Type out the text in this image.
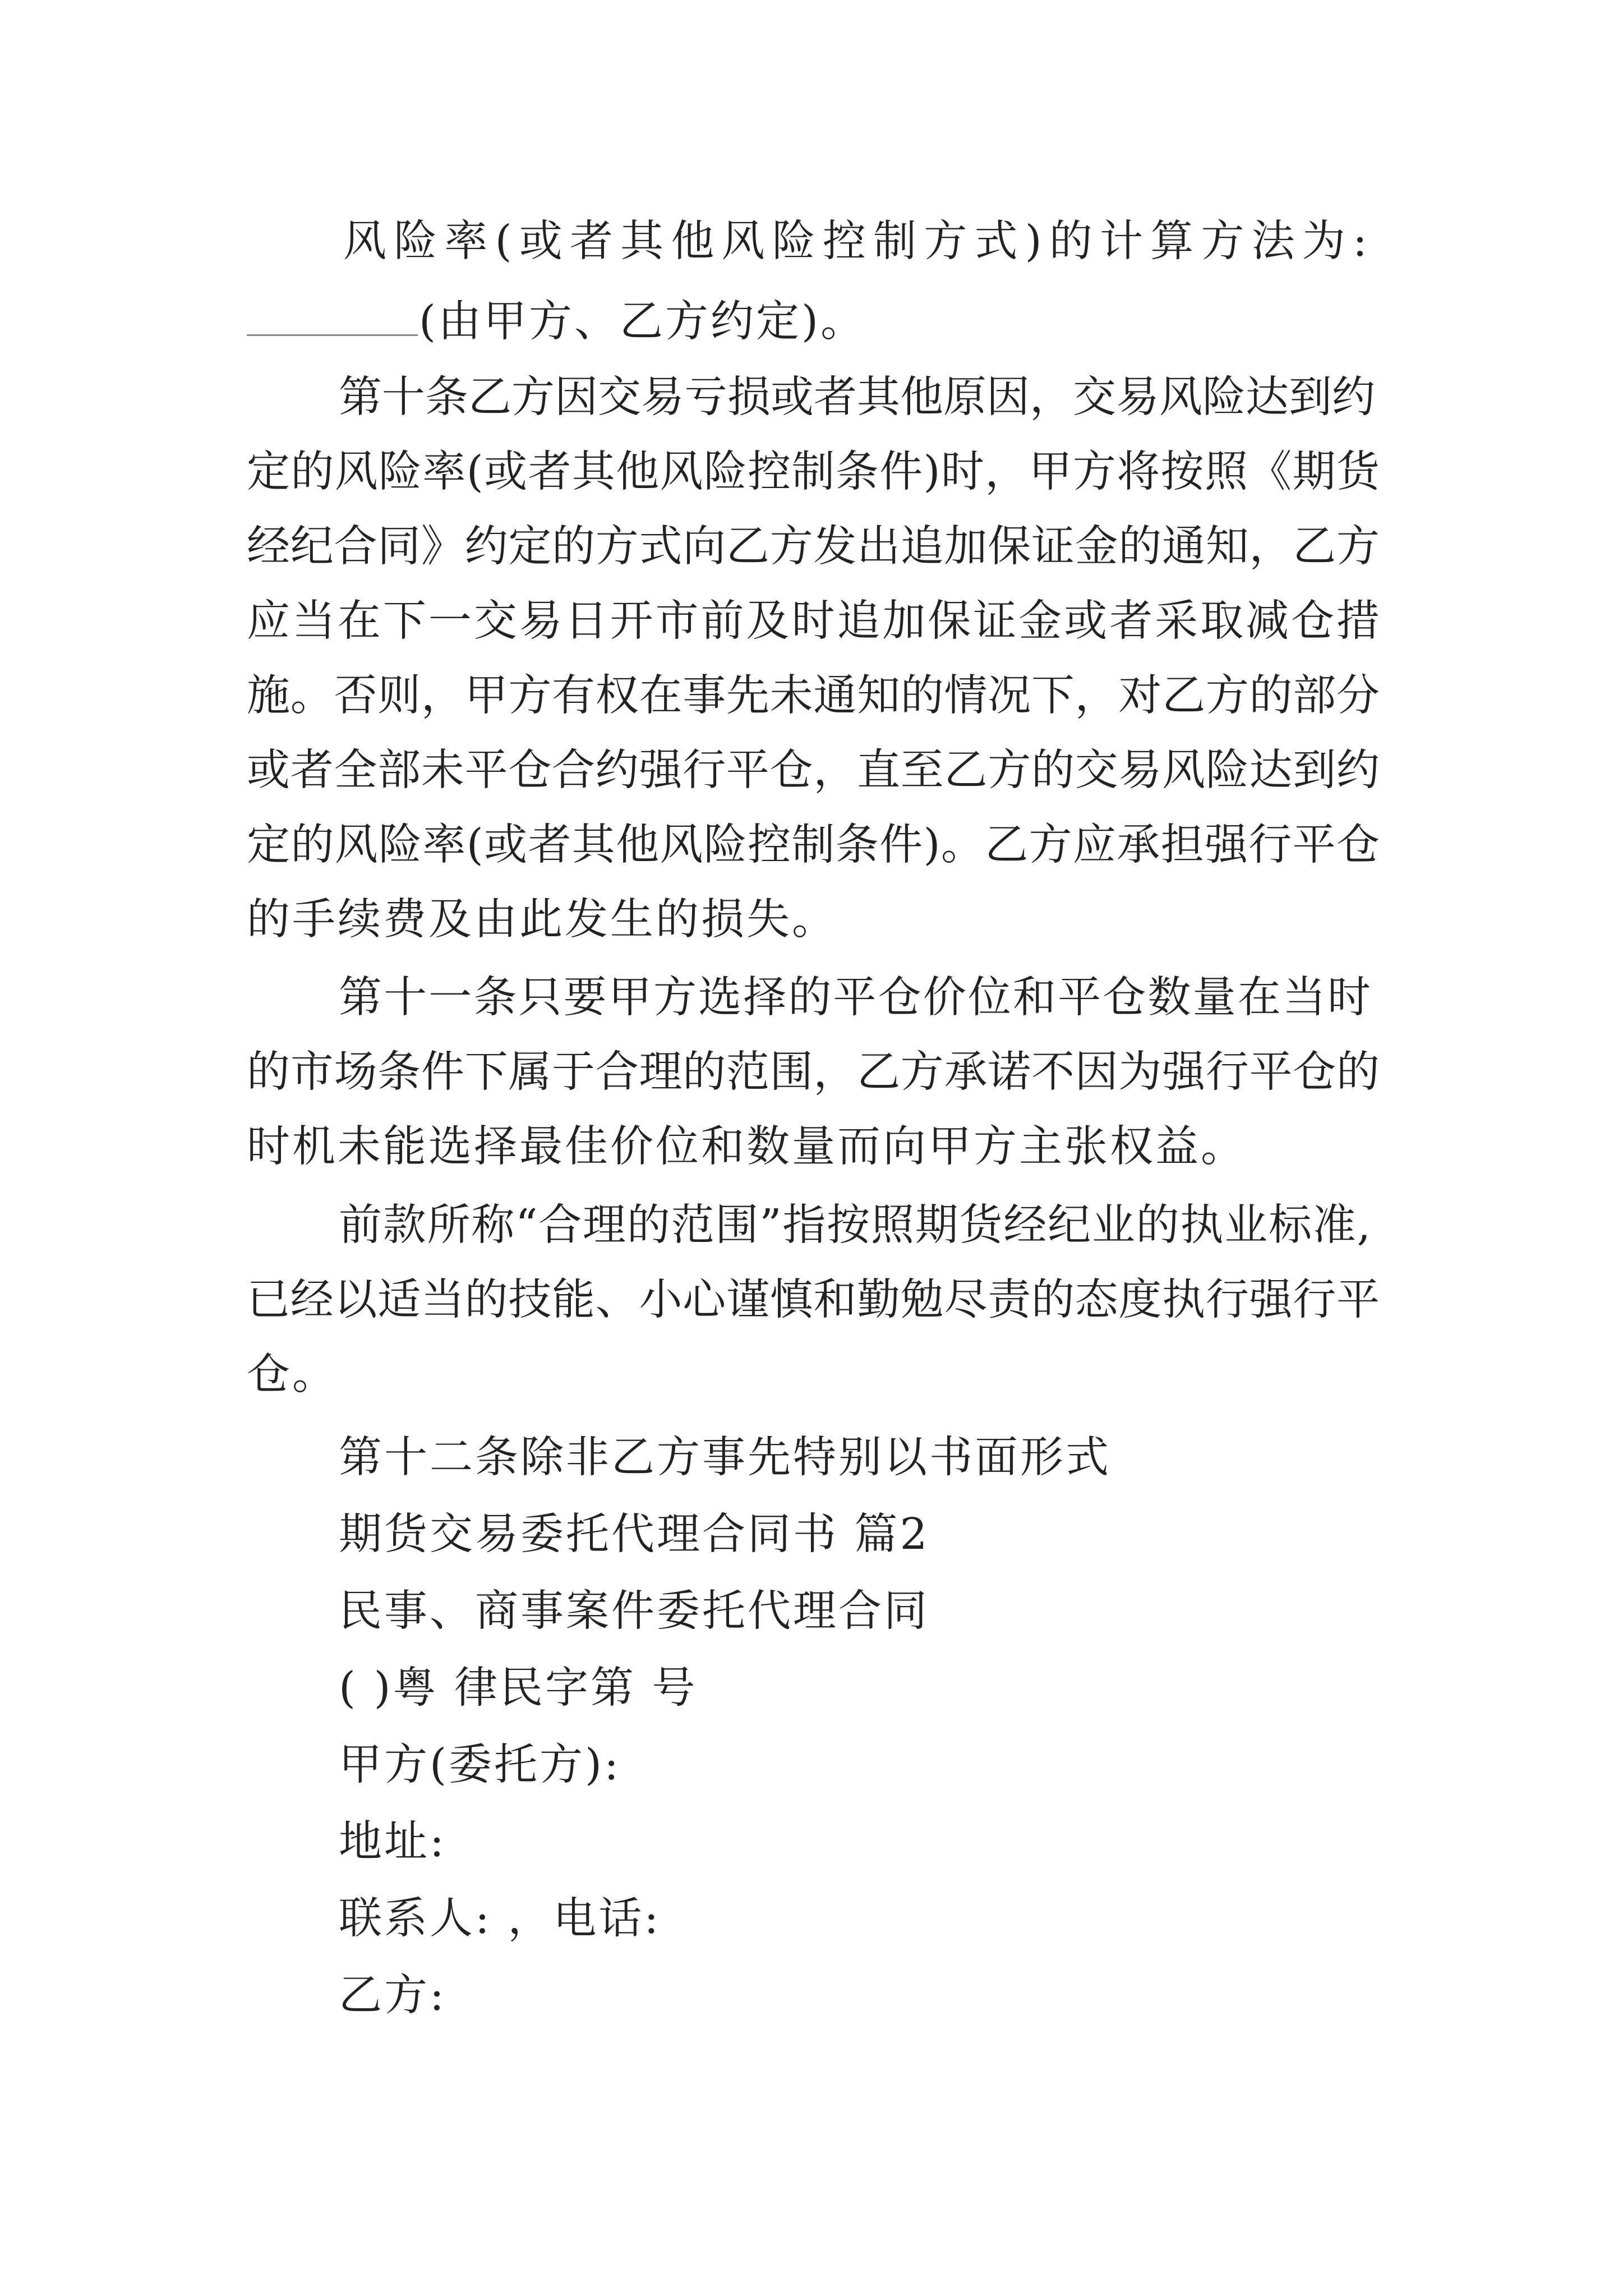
风险率(或者其他风险控制方式)的计算方法为:
(由甲方、乙方约定)。
第十条乙方因交易亏损或者其他原因，交易风险达到约
定的风险率(或者其他风险控制条件)时，甲方将按照《期货
经纪合同》约定的方式向乙方发出追加保证金的通知，乙方
应当在下一交易日开市前及时追加保证金或者采取减仓措
施。否则，甲方有权在事先未通知的情况下，对乙方的部分
或者全部未平仓合约强行平仓，直至乙方的交易风险达到约
定的风险率(或者其他风险控制条件)。乙方应承担强行平仓
的手续费及由此发生的损失。
第十一条只要甲方选择的平仓价位和平仓数量在当时
的市场条件下属于合理的范围，乙方承诺不因为强行平仓的
时机未能选择最佳价位和数量而向甲方主张权益。
前款所称“合理的范围”指按照期货经纪业的执业标准,
已经以适当的技能、小心谨慎和勤勉尽责的态度执行强行平
仓。
第十二条除非乙方事先特别以书面形式
期货交易委托代理合同书 篇2
民事、商事案件委托代理合同
( )粤 律民字第 号
甲方(委托方):
地址:
联系人: ，电话:
乙方:
